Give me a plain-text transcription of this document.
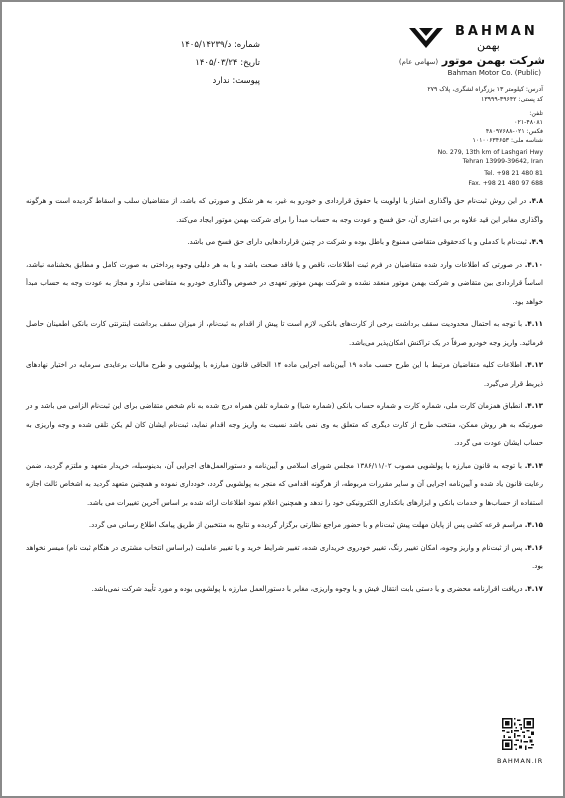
BAHMAN
بهمن
شرکت بهمن موتور (سهامی عام)
Bahman Motor Co. (Public)
آدرس: کیلومتر ۱۳ بزرگراه لشگری، پلاک ۲۷۹
کد پستی: ۳۹۶۴۲-۱۳۹۹۹
تلفن:
۰۲۱-۴۸۰۸۱
فکس: ۰۲۱-۴۸۰۹۷۶۸۸
شناسه ملی: ۱۰۱۰۰۶۳۴۶۵۳
No. 279, 13th km of Lashgari Hwy
Tehran 13999-39642, Iran
Tel. +98 21 480 81
Fax. +98 21 480 97 688
شماره: د/۱۴۰۵/۱۴۲۳۹
تاریخ: ۱۴۰۵/۰۳/۲۴
پیوست: ندارد

۴.۸. در این روش ثبت‌نام حق واگذاری امتیاز یا اولویت یا حقوق قراردادی و خودرو به غیر، به هر شکل و صورتی که باشد، از متقاضیان سلب و اسقاط گردیده است و هرگونه واگذاری مغایر این قید علاوه بر بی اعتباری آن، حق فسخ و عودت وجه به حساب مبدأ را برای شرکت بهمن موتور ایجاد می‌کند.

۴.۹. ثبت‌نام با کدملی و یا کدحقوقی متقاضی ممنوع و باطل بوده و شرکت در چنین قراردادهایی دارای حق فسخ می باشد.

۴.۱۰. در صورتی که اطلاعات وارد شده متقاضیان در فرم ثبت اطلاعات، ناقص و یا فاقد صحت باشد و یا به هر دلیلی وجوه پرداختی به صورت کامل و مطابق بخشنامه نباشد، اساساً قراردادی بین متقاضی و شرکت بهمن موتور منعقد نشده و شرکت بهمن موتور تعهدی در خصوص واگذاری خودرو به متقاضی ندارد و مجاز به عودت وجه به حساب مبدأ خواهد بود.

۴.۱۱. با توجه به احتمال محدودیت سقف برداشت برخی از کارت‌های بانکی، لازم است تا پیش از اقدام به ثبت‌نام، از میزان سقف برداشت اینترنتی کارت بانکی اطمینان حاصل فرمائید. واریز وجه خودرو صرفاً در یک تراکنش امکان‌پذیر می‌باشد.

۴.۱۲. اطلاعات کلیه متقاضیان مرتبط با این طرح حسب ماده ۱۹ آیین‌نامه اجرایی ماده ۱۴ الحاقی قانون مبارزه با پولشویی و طرح مالیات برعایدی سرمایه در اختیار نهادهای ذیربط قرار می‌گیرد.

۴.۱۳. انطباق همزمان کارت ملی، شماره کارت و شماره حساب بانکی (شماره شبا) و شماره تلفن همراه درج شده به نام شخص متقاضی برای این ثبت‌نام الزامی می باشد و در صورتیکه به هر روش ممکن، منتخب طرح از کارت دیگری که متعلق به وی نمی باشد نسبت به واریز وجه اقدام نماید، ثبت‌نام ایشان کان لم یکن تلقی شده و وجه واریزی به حساب ایشان عودت می گردد.

۴.۱۴. با توجه به قانون مبارزه با پولشویی مصوب ۱۳۸۶/۱۱/۰۲ مجلس شورای اسلامی و آیین‌نامه و دستورالعمل‌های اجرایی آن، بدینوسیله، خریدار متعهد و ملتزم گردید، ضمن رعایت قانون یاد شده و آیین‌نامه اجرایی آن و سایر مقررات مربوطه، از هرگونه اقدامی که منجر به پولشویی گردد، خودداری نموده و همچنین متعهد گردید به اشخاص ثالث اجازه استفاده از حساب‌ها و خدمات بانکی و ابزارهای بانکداری الکترونیکی خود را ندهد و همچنین اعلام نمود اطلاعات ارائه شده بر اساس آخرین تغییرات می باشد.

۴.۱۵. مراسم قرعه کشی پس از پایان مهلت پیش ثبت‌نام و با حضور مراجع نظارتی برگزار گردیده و نتایج به منتخبین از طریق پیامک اطلاع رسانی می گردد.

۴.۱۶. پس از ثبت‌نام و واریز وجوه، امکان تغییر رنگ، تغییر خودروی خریداری شده، تغییر شرایط خرید و یا تغییر عاملیت (براساس انتخاب مشتری در هنگام ثبت نام) میسر نخواهد بود.

۴.۱۷. دریافت اقرارنامه محضری و یا دستی بابت انتقال فیش و یا وجوه واریزی، مغایر با دستورالعمل مبارزه با پولشویی بوده و مورد تأیید شرکت نمی‌باشد.

BAHMAN.IR
